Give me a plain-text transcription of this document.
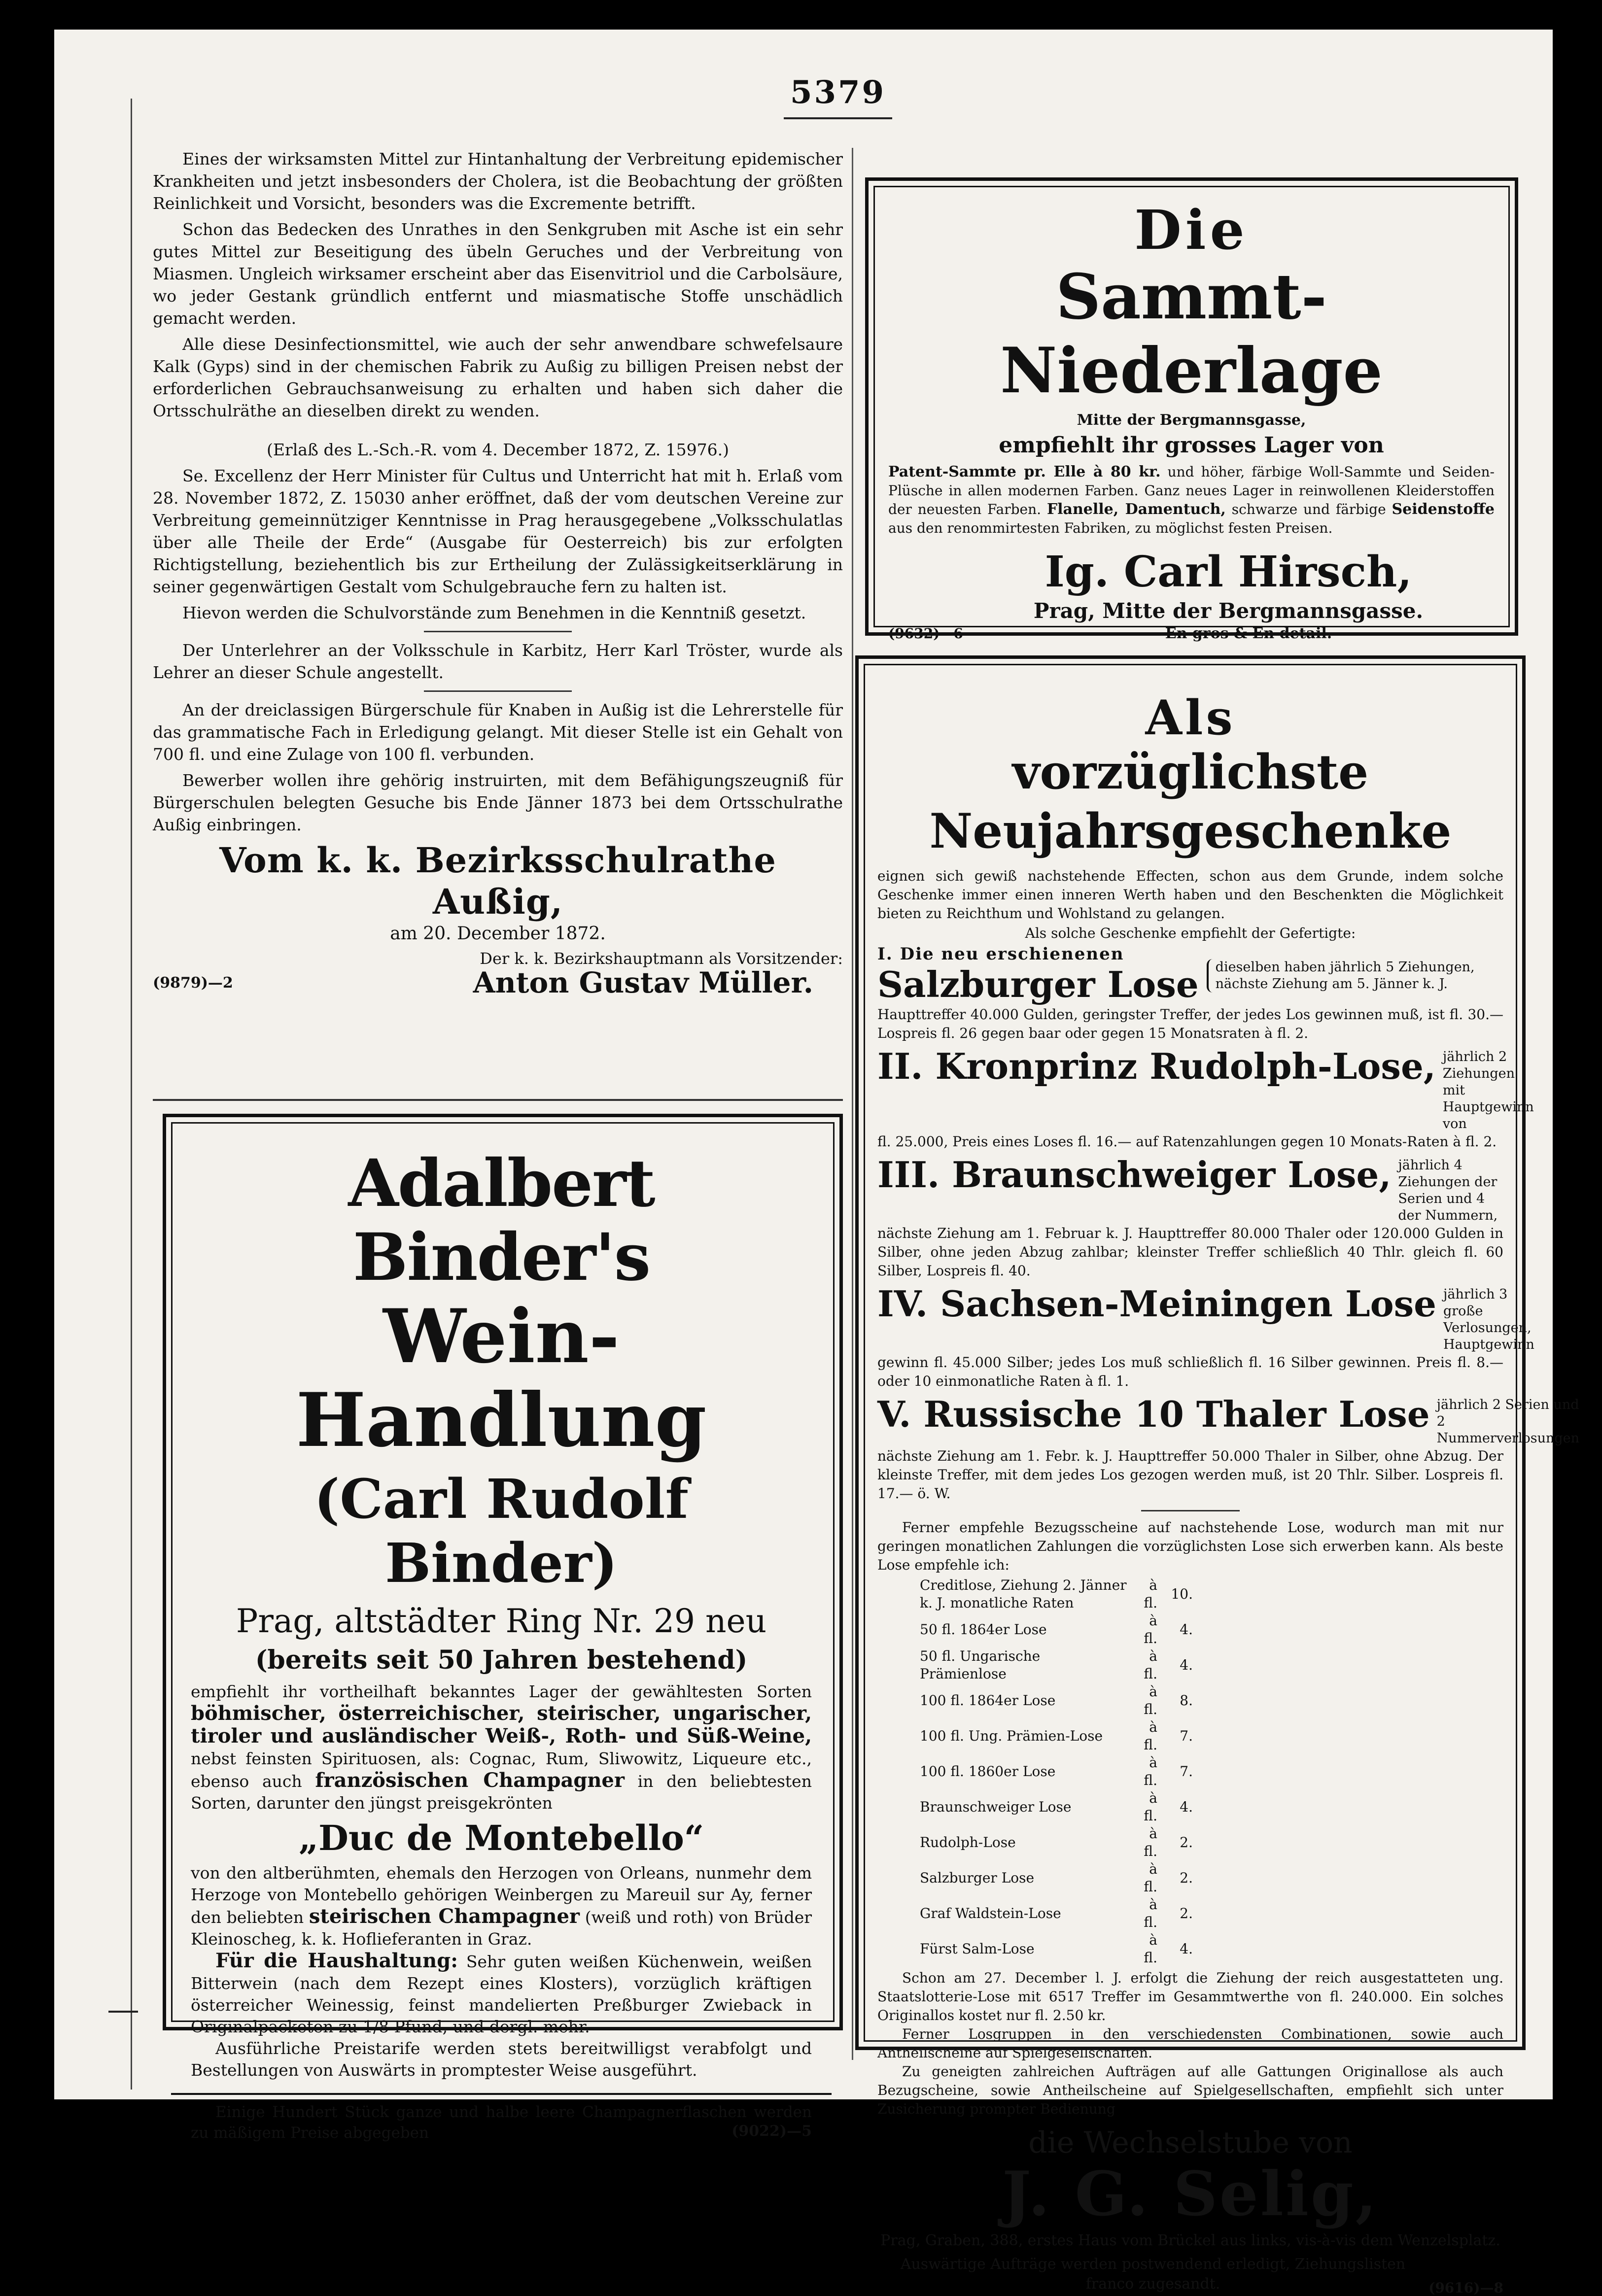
5379

Eines der wirksamsten Mittel zur Hintanhaltung der Verbreitung epidemischer Krankheiten und jetzt insbesonders der Cholera, ist die Beobachtung der größten Reinlichkeit und Vorsicht, besonders was die Excremente betrifft.

Schon das Bedecken des Unrathes in den Senkgruben mit Asche ist ein sehr gutes Mittel zur Beseitigung des übeln Geruches und der Verbreitung von Miasmen. Ungleich wirksamer erscheint aber das Eisenvitriol und die Carbolsäure, wo jeder Gestank gründlich entfernt und miasmatische Stoffe unschädlich gemacht werden.

Alle diese Desinfectionsmittel, wie auch der sehr anwendbare schwefelsaure Kalk (Gyps) sind in der chemischen Fabrik zu Außig zu billigen Preisen nebst der erforderlichen Gebrauchsanweisung zu erhalten und haben sich daher die Ortsschulräthe an dieselben direkt zu wenden.

(Erlaß des L.-Sch.-R. vom 4. December 1872, Z. 15976.)

Se. Excellenz der Herr Minister für Cultus und Unterricht hat mit h. Erlaß vom 28. November 1872, Z. 15030 anher eröffnet, daß der vom deutschen Vereine zur Verbreitung gemeinnütziger Kenntnisse in Prag herausgegebene „Volksschulatlas über alle Theile der Erde“ (Ausgabe für Oesterreich) bis zur erfolgten Richtigstellung, beziehentlich bis zur Ertheilung der Zulässigkeitserklärung in seiner gegenwärtigen Gestalt vom Schulgebrauche fern zu halten ist.

Hievon werden die Schulvorstände zum Benehmen in die Kenntniß gesetzt.

Der Unterlehrer an der Volksschule in Karbitz, Herr Karl Tröster, wurde als Lehrer an dieser Schule angestellt.

An der dreiclassigen Bürgerschule für Knaben in Außig ist die Lehrerstelle für das grammatische Fach in Erledigung gelangt. Mit dieser Stelle ist ein Gehalt von 700 fl. und eine Zulage von 100 fl. verbunden.

Bewerber wollen ihre gehörig instruirten, mit dem Befähigungszeugniß für Bürgerschulen belegten Gesuche bis Ende Jänner 1873 bei dem Ortsschulrathe Außig einbringen.

Vom k. k. Bezirksschulrathe Außig,
am 20. December 1872.
Der k. k. Bezirkshauptmann als Vorsitzender:
(9879)—2	Anton Gustav Müller.

Adalbert Binder's

Wein-Handlung

(Carl Rudolf Binder)

Prag, altstädter Ring Nr. 29 neu

(bereits seit 50 Jahren bestehend)

empfiehlt ihr vortheilhaft bekanntes Lager der gewähltesten Sorten böhmischer, österreichischer, steirischer, ungarischer, tiroler und ausländischer Weiß-, Roth- und Süß-Weine, nebst feinsten Spirituosen, als: Cognac, Rum, Sliwowitz, Liqueure etc., ebenso auch französischen Champagner in den beliebtesten Sorten, darunter den jüngst preisgekrönten

„Duc de Montebello“

von den altberühmten, ehemals den Herzogen von Orleans, nunmehr dem Herzoge von Montebello gehörigen Weinbergen zu Mareuil sur Ay, ferner den beliebten steirischen Champagner (weiß und roth) von Brüder Kleinoscheg, k. k. Hoflieferanten in Graz.

Für die Haushaltung: Sehr guten weißen Küchenwein, weißen Bitterwein (nach dem Rezept eines Klosters), vorzüglich kräftigen österreicher Weinessig, feinst mandelierten Preßburger Zwieback in Originalpacketen zu 1/8 Pfund, und dergl. mehr.

Ausführliche Preistarife werden stets bereitwilligst verabfolgt und Bestellungen von Auswärts in promptester Weise ausgeführt.

Einige Hundert Stück ganze und halbe leere Champagnerflaschen werden zu mäßigem Preise abgegeben	(9022)—5

Die

Sammt-Niederlage

Mitte der Bergmannsgasse,

empfiehlt ihr grosses Lager von

Patent-Sammte pr. Elle à 80 kr. und höher, färbige Woll-Sammte und Seiden-Plüsche in allen modernen Farben. Ganz neues Lager in reinwollenen Kleiderstoffen der neuesten Farben. Flanelle, Damentuch, schwarze und färbige Seidenstoffe aus den renommirtesten Fabriken, zu möglichst festen Preisen.

Ig. Carl Hirsch,

Prag, Mitte der Bergmannsgasse.

(9632)—6	En gros & En detail.

Als

vorzüglichste Neujahrsgeschenke

eignen sich gewiß nachstehende Effecten, schon aus dem Grunde, indem solche Geschenke immer einen inneren Werth haben und den Beschenkten die Möglichkeit bieten zu Reichthum und Wohlstand zu gelangen.

Als solche Geschenke empfiehlt der Gefertigte:

I. Die neu erschienenen
Salzburger Lose	dieselben haben jährlich 5 Ziehungen, nächste Ziehung am 5. Jänner k. J.

Haupttreffer 40.000 Gulden, geringster Treffer, der jedes Los gewinnen muß, ist fl. 30.— Lospreis fl. 26 gegen baar oder gegen 15 Monatsraten à fl. 2.

II. Kronprinz Rudolph-Lose, jährlich 2 Ziehungen mit Hauptgewinn von

fl. 25.000, Preis eines Loses fl. 16.— auf Ratenzahlungen gegen 10 Monats-Raten à fl. 2.

III. Braunschweiger Lose, jährlich 4 Ziehungen der Serien und 4 der Nummern,

nächste Ziehung am 1. Februar k. J. Haupttreffer 80.000 Thaler oder 120.000 Gulden in Silber, ohne jeden Abzug zahlbar; kleinster Treffer schließlich 40 Thlr. gleich fl. 60 Silber, Lospreis fl. 40.

IV. Sachsen-Meiningen Lose jährlich 3 große Verlosungen, Hauptgewinn

gewinn fl. 45.000 Silber; jedes Los muß schließlich fl. 16 Silber gewinnen. Preis fl. 8.— oder 10 einmonatliche Raten à fl. 1.

V. Russische 10 Thaler Lose jährlich 2 Serien und 2 Nummerverlosungen

nächste Ziehung am 1. Febr. k. J. Haupttreffer 50.000 Thaler in Silber, ohne Abzug. Der kleinste Treffer, mit dem jedes Los gezogen werden muß, ist 20 Thlr. Silber. Lospreis fl. 17.— ö. W.

Ferner empfehle Bezugsscheine auf nachstehende Lose, wodurch man mit nur geringen monatlichen Zahlungen die vorzüglichsten Lose sich erwerben kann. Als beste Lose empfehle ich:

Creditlose, Ziehung 2. Jänner k. J. monatliche Raten	à fl.	10.
50 fl. 1864er Lose	à fl.	4.
50 fl. Ungarische Prämienlose	à fl.	4.
100 fl. 1864er Lose	à fl.	8.
100 fl. Ung. Prämien-Lose	à fl.	7.
100 fl. 1860er Lose	à fl.	7.
Braunschweiger Lose	à fl.	4.
Rudolph-Lose	à fl.	2.
Salzburger Lose	à fl.	2.
Graf Waldstein-Lose	à fl.	2.
Fürst Salm-Lose	à fl.	4.

Schon am 27. December l. J. erfolgt die Ziehung der reich ausgestatteten ung. Staatslotterie-Lose mit 6517 Treffer im Gesammtwerthe von fl. 240.000. Ein solches Originallos kostet nur fl. 2.50 kr.

Ferner Losgruppen in den verschiedensten Combinationen, sowie auch Antheilscheine auf Spielgesellschaften.

Zu geneigten zahlreichen Aufträgen auf alle Gattungen Originallose als auch Bezugscheine, sowie Antheilscheine auf Spielgesellschaften, empfiehlt sich unter Zusicherung prompter Bedienung

die Wechselstube von

J. G. Selig,

Prag, Graben, 388, erstes Haus vom Brückel aus links, vis-à-vis dem Wenzelsplatz.

Auswärtige Aufträge werden postwendend erledigt, Ziehungslisten franco zugesandt.	(9616)—8
